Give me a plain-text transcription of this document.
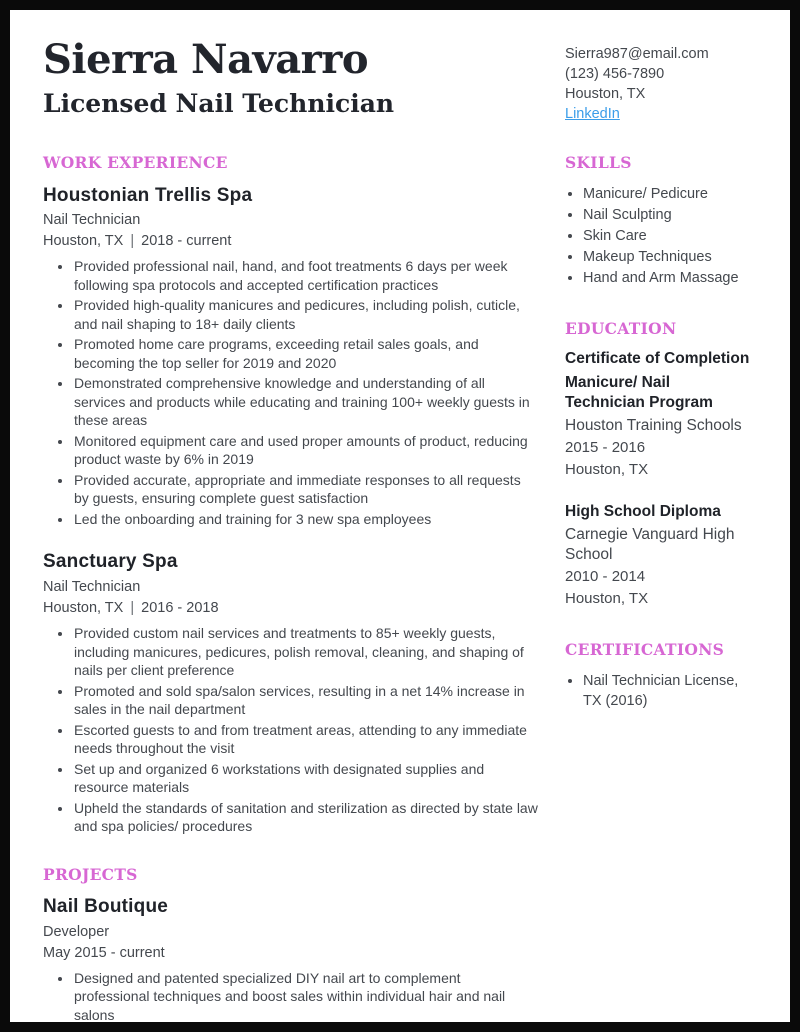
Sierra Navarro
Licensed Nail Technician
Sierra987@email.com
(123) 456-7890
Houston, TX
LinkedIn
WORK EXPERIENCE
Houstonian Trellis Spa
Nail Technician
Houston, TX | 2018 - current
• Provided professional nail, hand, and foot treatments 6 days per week following spa protocols and accepted certification practices
• Provided high-quality manicures and pedicures, including polish, cuticle, and nail shaping to 18+ daily clients
• Promoted home care programs, exceeding retail sales goals, and becoming the top seller for 2019 and 2020
• Demonstrated comprehensive knowledge and understanding of all services and products while educating and training 100+ weekly guests in these areas
• Monitored equipment care and used proper amounts of product, reducing product waste by 6% in 2019
• Provided accurate, appropriate and immediate responses to all requests by guests, ensuring complete guest satisfaction
• Led the onboarding and training for 3 new spa employees
Sanctuary Spa
Nail Technician
Houston, TX | 2016 - 2018
• Provided custom nail services and treatments to 85+ weekly guests, including manicures, pedicures, polish removal, cleaning, and shaping of nails per client preference
• Promoted and sold spa/salon services, resulting in a net 14% increase in sales in the nail department
• Escorted guests to and from treatment areas, attending to any immediate needs throughout the visit
• Set up and organized 6 workstations with designated supplies and resource materials
• Upheld the standards of sanitation and sterilization as directed by state law and spa policies/ procedures
PROJECTS
Nail Boutique
Developer
May 2015 - current
• Designed and patented specialized DIY nail art to complement professional techniques and boost sales within individual hair and nail salons
SKILLS
• Manicure/ Pedicure
• Nail Sculpting
• Skin Care
• Makeup Techniques
• Hand and Arm Massage
EDUCATION
Certificate of Completion
Manicure/ Nail Technician Program
Houston Training Schools
2015 - 2016
Houston, TX
High School Diploma
Carnegie Vanguard High School
2010 - 2014
Houston, TX
CERTIFICATIONS
• Nail Technician License, TX (2016)
